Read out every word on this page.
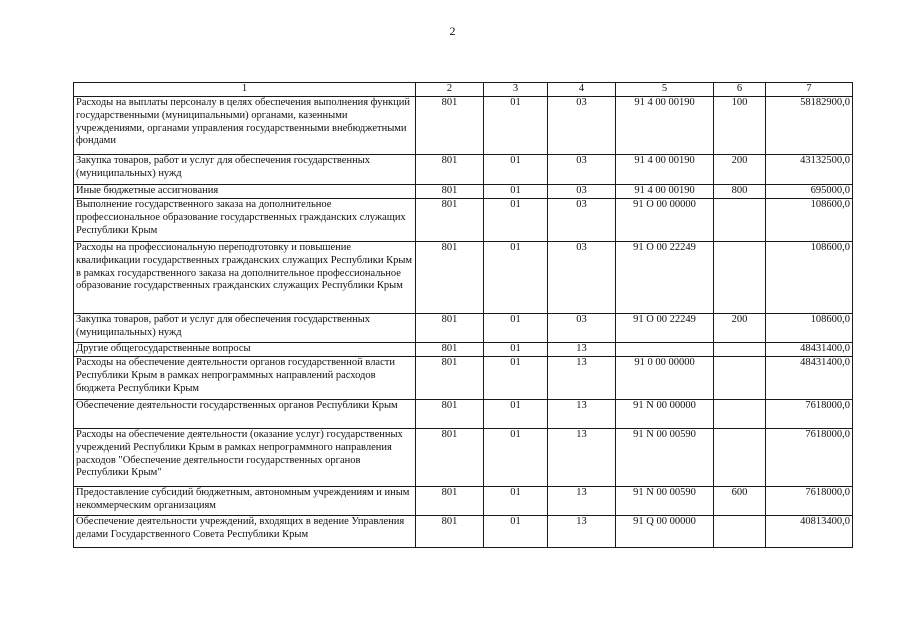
2
1	2	3	4	5	6	7
Расходы на выплаты персоналу в целях обеспечения выполнения функций государственными (муниципальными) органами, казенными учреждениями, органами управления государственными внебюджетными фондами	801	01	03	91 4 00 00190	100	58182900,0
Закупка товаров, работ и услуг для обеспечения государственных (муниципальных) нужд	801	01	03	91 4 00 00190	200	43132500,0
Иные бюджетные ассигнования	801	01	03	91 4 00 00190	800	695000,0
Выполнение государственного заказа на дополнительное профессиональное образование государственных гражданских служащих Республики Крым	801	01	03	91 O 00 00000		108600,0
Расходы на профессиональную переподготовку и повышение квалификации государственных гражданских служащих Республики Крым в рамках государственного заказа на дополнительное профессиональное образование государственных гражданских служащих Республики Крым	801	01	03	91 O 00 22249		108600,0
Закупка товаров, работ и услуг для обеспечения государственных (муниципальных) нужд	801	01	03	91 O 00 22249	200	108600,0
Другие общегосударственные вопросы	801	01	13			48431400,0
Расходы на обеспечение деятельности органов государственной власти Республики Крым в рамках непрограммных направлений расходов бюджета Республики Крым	801	01	13	91 0 00 00000		48431400,0
Обеспечение деятельности государственных органов Республики Крым	801	01	13	91 N 00 00000		7618000,0
Расходы на обеспечение деятельности (оказание услуг) государственных учреждений Республики Крым в рамках непрограммного направления расходов "Обеспечение деятельности государственных органов Республики Крым"	801	01	13	91 N 00 00590		7618000,0
Предоставление субсидий бюджетным, автономным учреждениям и иным некоммерческим организациям	801	01	13	91 N 00 00590	600	7618000,0
Обеспечение деятельности учреждений, входящих в ведение Управления делами Государственного Совета Республики Крым	801	01	13	91 Q 00 00000		40813400,0
